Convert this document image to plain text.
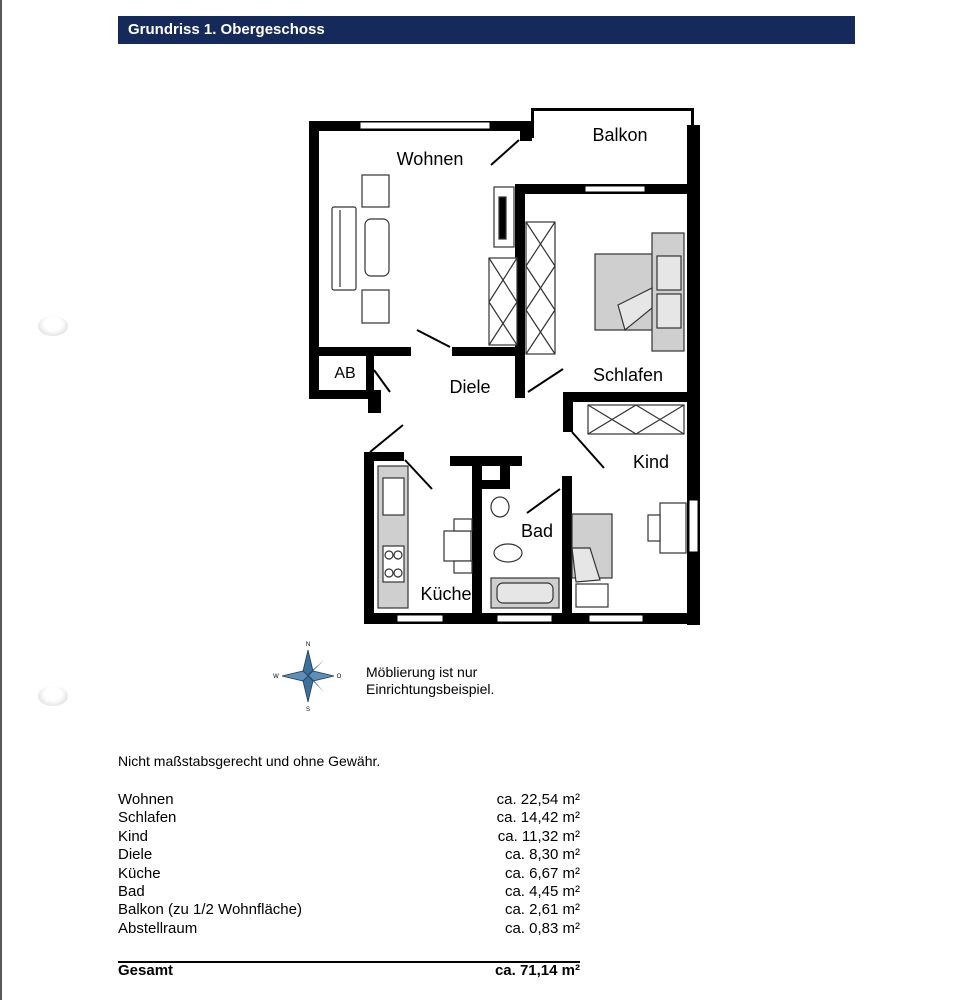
Grundriss 1. Obergeschoss
Wohnen
Balkon
Schlafen
AB
Diele
Kind
Bad
Küche
N
O
S
W	Möblierung ist nur
Einrichtungsbeispiel.
Nicht maßstabsgerecht und ohne Gewähr.
Wohnen	ca. 22,54 m²
Schlafen	ca. 14,42 m²
Kind	ca. 11,32 m²
Diele	ca. 8,30 m²
Küche	ca. 6,67 m²
Bad	ca. 4,45 m²
Balkon (zu 1/2 Wohnfläche)	ca. 2,61 m²
Abstellraum	ca. 0,83 m²
Gesamt	ca. 71,14 m²
